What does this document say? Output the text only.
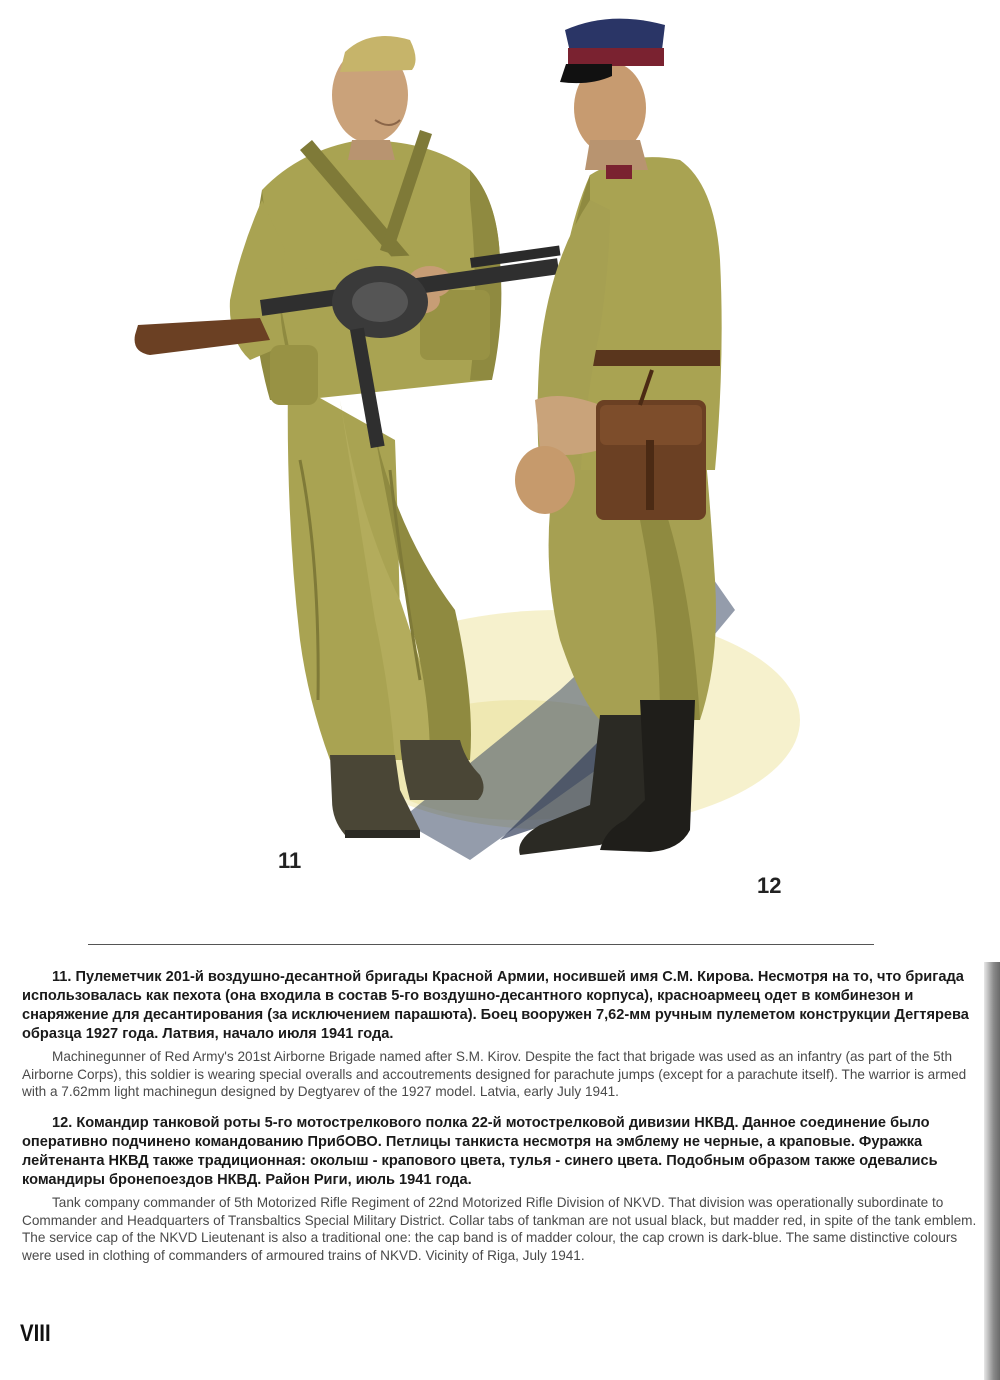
11
12

11. Пулеметчик 201-й воздушно-десантной бригады Красной Армии, носившей имя С.М. Кирова. Несмотря на то, что бригада использовалась как пехота (она входила в состав 5-го воздушно-десантного корпуса), красноармеец одет в комбинезон и снаряжение для десантирования (за исключением парашюта). Боец вооружен 7,62-мм ручным пулеметом конструкции Дегтярева образца 1927 года. Латвия, начало июля 1941 года.

Machinegunner of Red Army's 201st Airborne Brigade named after S.M. Kirov. Despite the fact that brigade was used as an infantry (as part of the 5th Airborne Corps), this soldier is wearing special overalls and accoutrements designed for parachute jumps (except for a parachute itself). The warrior is armed with a 7.62mm light machinegun designed by Degtyarev of the 1927 model. Latvia, early July 1941.

12. Командир танковой роты 5-го мотострелкового полка 22-й мотострелковой дивизии НКВД. Данное соединение было оперативно подчинено командованию ПрибОВО. Петлицы танкиста несмотря на эмблему не черные, а краповые. Фуражка лейтенанта НКВД также традиционная: околыш - крапового цвета, тулья - синего цвета. Подобным образом также одевались командиры бронепоездов НКВД. Район Риги, июль 1941 года.

Tank company commander of 5th Motorized Rifle Regiment of 22nd Motorized Rifle Division of NKVD. That division was operationally subordinate to Commander and Headquarters of Transbaltics Special Military District. Collar tabs of tankman are not usual black, but madder red, in spite of the tank emblem. The service cap of the NKVD Lieutenant is also a traditional one: the cap band is of madder colour, the cap crown is dark-blue. The same distinctive colours were used in clothing of commanders of armoured trains of NKVD. Vicinity of Riga, July 1941.

VIII
